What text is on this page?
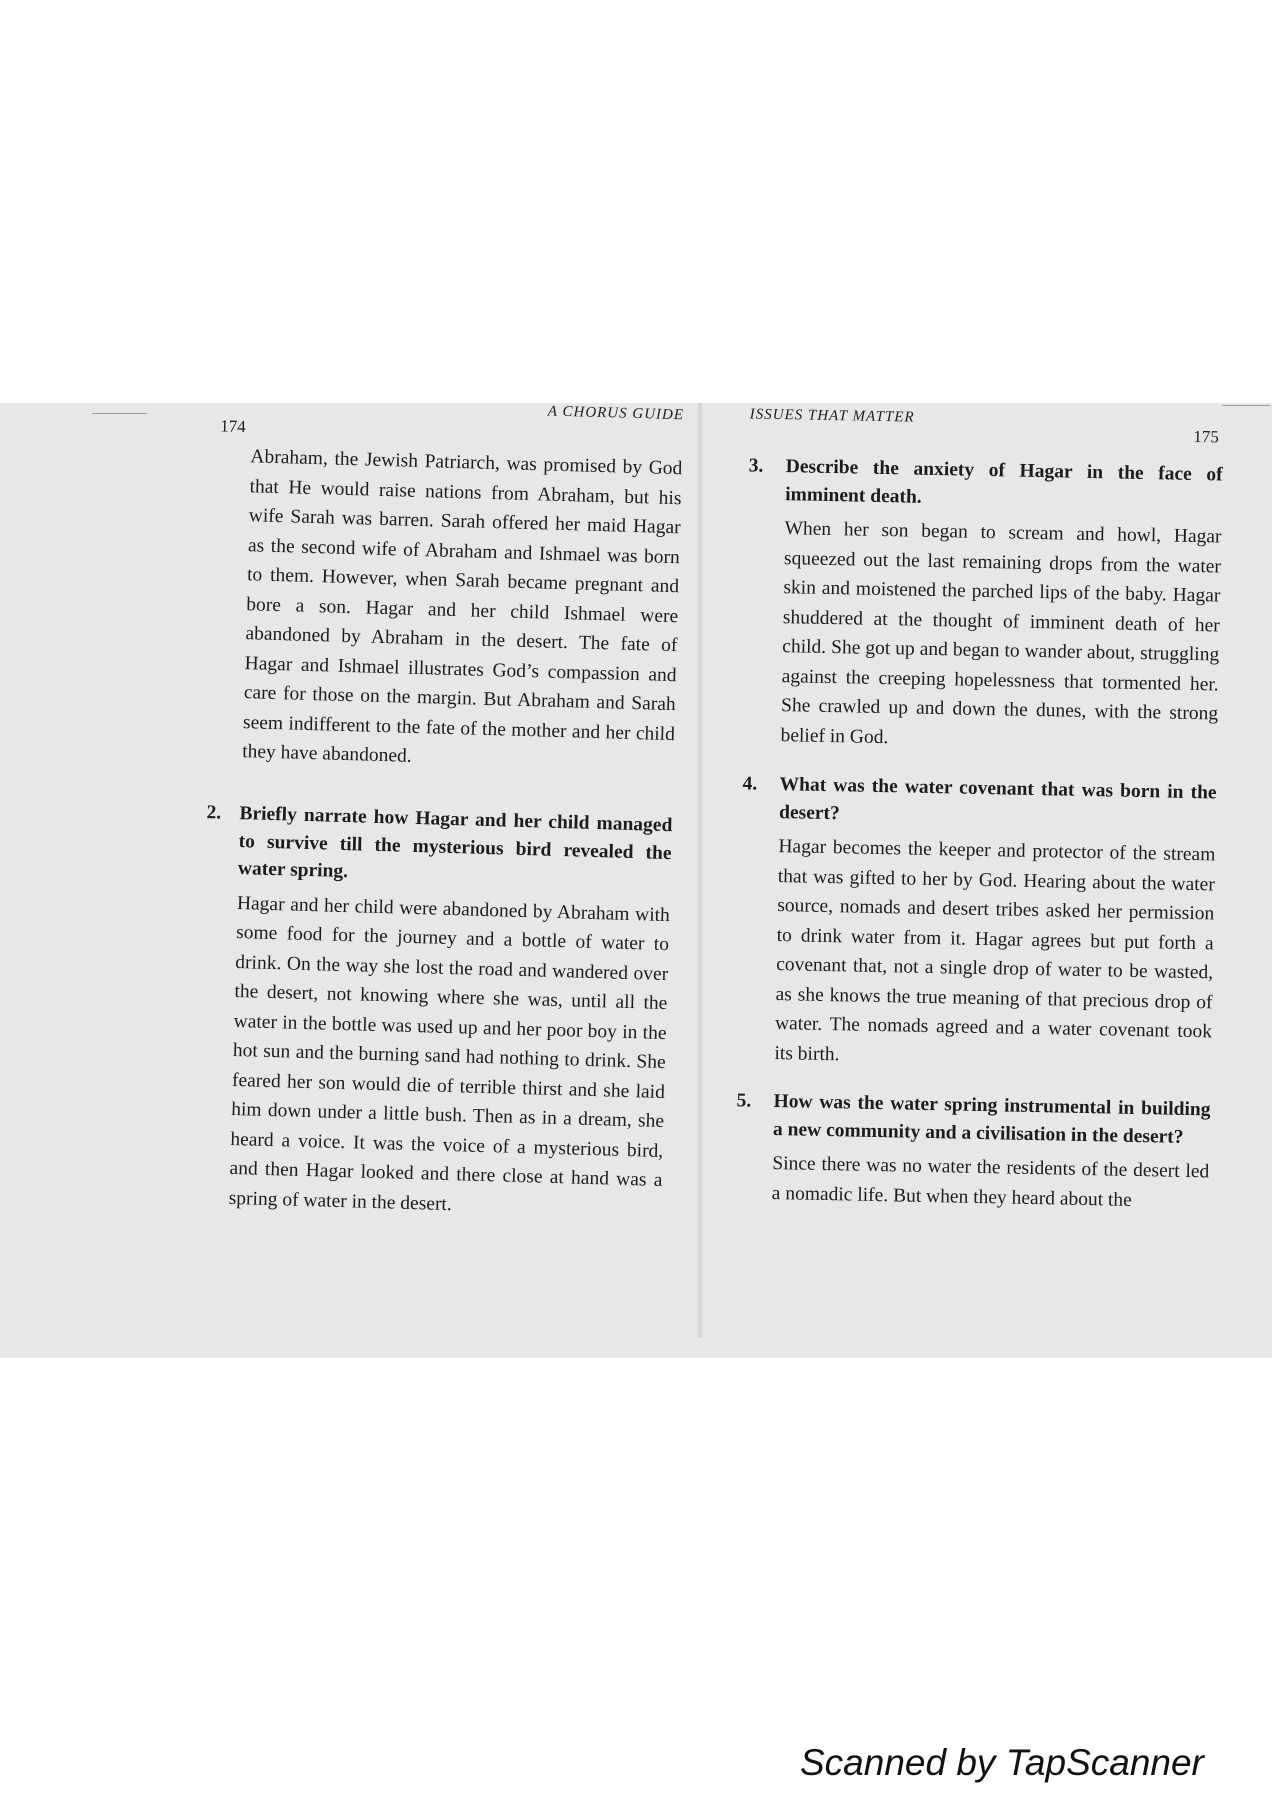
174
A CHORUS GUIDE

Abraham, the Jewish Patriarch, was promised by God that He would raise nations from Abraham, but his wife Sarah was barren. Sarah offered her maid Hagar as the second wife of Abraham and Ishmael was born to them. However, when Sarah became pregnant and bore a son. Hagar and her child Ishmael were abandoned by Abraham in the desert. The fate of Hagar and Ishmael illustrates God’s compassion and care for those on the margin. But Abraham and Sarah seem indifferent to the fate of the mother and her child they have abandoned.

2. Briefly narrate how Hagar and her child managed to survive till the mysterious bird revealed the water spring.

Hagar and her child were abandoned by Abraham with some food for the journey and a bottle of water to drink. On the way she lost the road and wandered over the desert, not knowing where she was, until all the water in the bottle was used up and her poor boy in the hot sun and the burning sand had nothing to drink. She feared her son would die of terrible thirst and she laid him down under a little bush. Then as in a dream, she heard a voice. It was the voice of a mysterious bird, and then Hagar looked and there close at hand was a spring of water in the desert.

ISSUES THAT MATTER
175
3.	Describe the anxiety of Hagar in the face of imminent death.

When her son began to scream and howl, Hagar squeezed out the last remaining drops from the water skin and moistened the parched lips of the baby. Hagar shuddered at the thought of imminent death of her child. She got up and began to wander about, struggling against the creeping hopelessness that tormented her. She crawled up and down the dunes, with the strong belief in God.

4.	What was the water covenant that was born in the desert?

Hagar becomes the keeper and protector of the stream that was gifted to her by God. Hearing about the water source, nomads and desert tribes asked her permission to drink water from it. Hagar agrees but put forth a covenant that, not a single drop of water to be wasted, as she knows the true meaning of that precious drop of water. The nomads agreed and a water covenant took its birth.

5.	How was the water spring instrumental in building a new community and a civilisation in the desert?

Since there was no water the residents of the desert led a nomadic life. But when they heard about the

Scanned by TapScanner
